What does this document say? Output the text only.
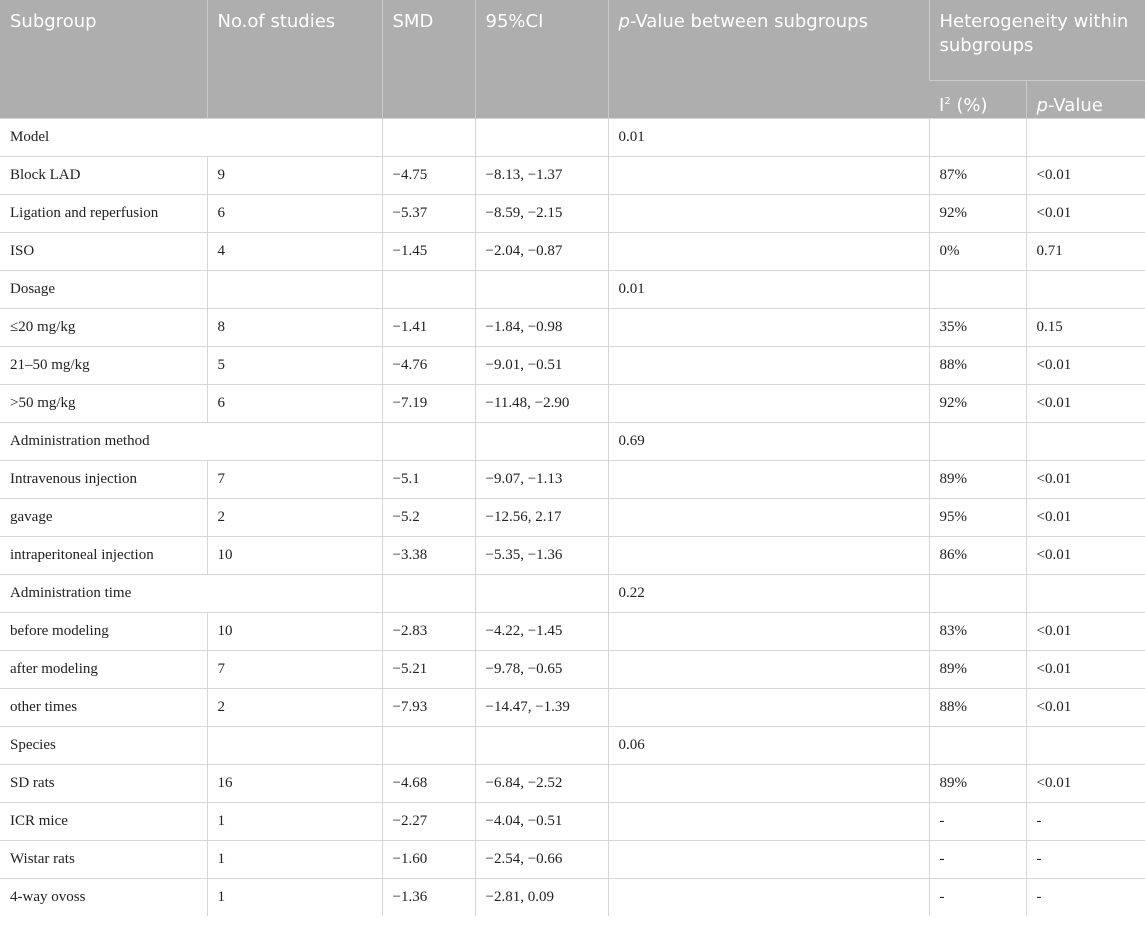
Subgroup	No.of studies	SMD	95%CI	p-Value between subgroups	Heterogeneity within subgroups	
					$I^2$ (%)	p-Value
Model				0.01		
Block LAD	9	−4.75	−8.13, −1.37		87%	<0.01
Ligation and reperfusion	6	−5.37	−8.59, −2.15		92%	<0.01
ISO	4	−1.45	−2.04, −0.87		0%	0.71
Dosage				0.01		
≤20 mg/kg	8	−1.41	−1.84, −0.98		35%	0.15
21–50 mg/kg	5	−4.76	−9.01, −0.51		88%	<0.01
>50 mg/kg	6	−7.19	−11.48, −2.90		92%	<0.01
Administration method				0.69		
Intravenous injection	7	−5.1	−9.07, −1.13		89%	<0.01
gavage	2	−5.2	−12.56, 2.17		95%	<0.01
intraperitoneal injection	10	−3.38	−5.35, −1.36		86%	<0.01
Administration time				0.22		
before modeling	10	−2.83	−4.22, −1.45		83%	<0.01
after modeling	7	−5.21	−9.78, −0.65		89%	<0.01
other times	2	−7.93	−14.47, −1.39		88%	<0.01
Species				0.06		
SD rats	16	−4.68	−6.84, −2.52		89%	<0.01
ICR mice	1	−2.27	−4.04, −0.51		-	-
Wistar rats	1	−1.60	−2.54, −0.66		-	-
4-way ovoss	1	−1.36	−2.81, 0.09		-	-
